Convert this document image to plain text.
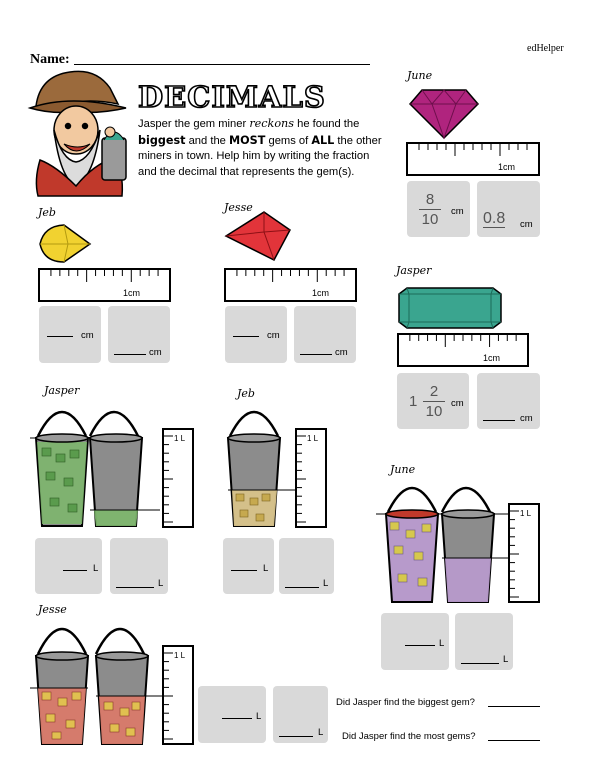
edHelper
Name:
DECIMALS
Jasper the gem miner reckons he found the biggest and the MOST gems of ALL the other miners in town. Help him by writing the fraction and the decimal that represents the gem(s).
June
1cm
8
10 cm 0.8 cm
Jeb
1cm
cm
cm
Jesse
1cm
cm
cm
Jasper
1cm
1
2
10 cm
cm
Jasper
1 L
L
L
Jeb
1 L
L
L
June
1 L
L
L
Jesse
1 L
L
L
Did Jasper find the biggest gem?
Did Jasper find the most gems?
